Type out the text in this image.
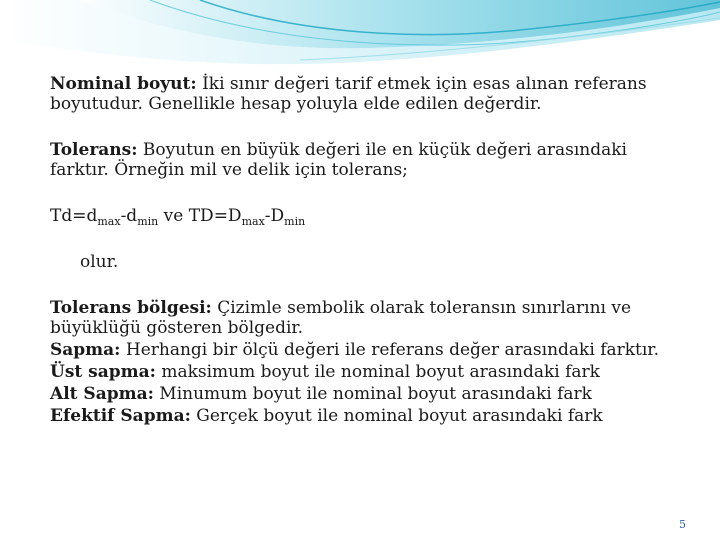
Nominal boyut: İki sınır değeri tarif etmek için esas alınan referans boyutudur. Genellikle hesap yoluyla elde edilen değerdir.

Tolerans: Boyutun en büyük değeri ile en küçük değeri arasındaki farktır. Örneğin mil ve delik için tolerans;

$Td=d_{max}-d_{min}$ ve $TD=D_{max}-D_{min}$

olur.

Tolerans bölgesi: Çizimle sembolik olarak toleransın sınırlarını ve büyüklüğü gösteren bölgedir.

Sapma: Herhangi bir ölçü değeri ile referans değer arasındaki farktır.

Üst sapma: maksimum boyut ile nominal boyut arasındaki fark

Alt Sapma: Minumum boyut ile nominal boyut arasındaki fark

Efektif Sapma: Gerçek boyut ile nominal boyut arasındaki fark

5
